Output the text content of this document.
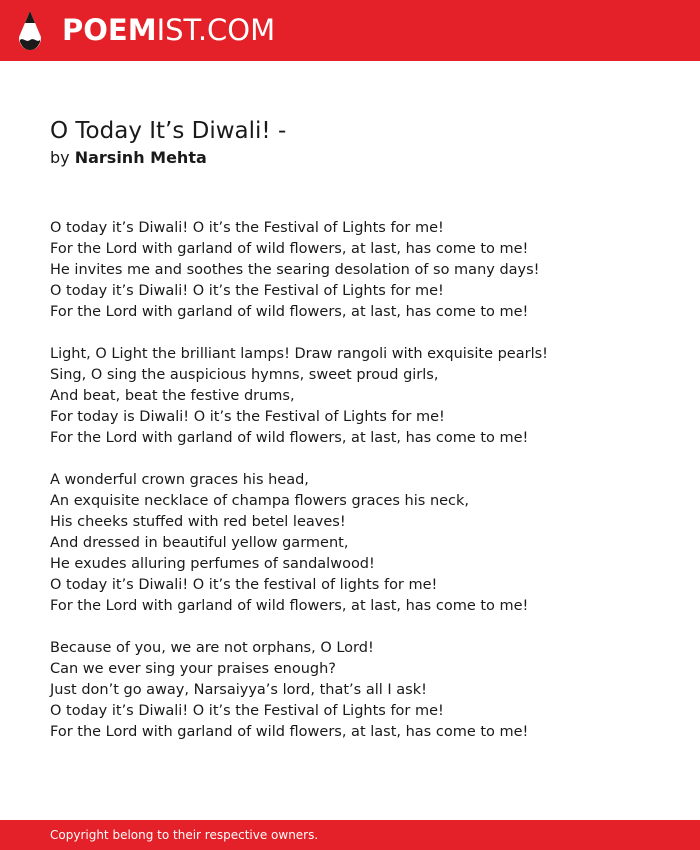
POEMIST.COM
O Today It’s Diwali! -
by Narsinh Mehta
O today it’s Diwali! O it’s the Festival of Lights for me!
For the Lord with garland of wild flowers, at last, has come to me!
He invites me and soothes the searing desolation of so many days!
O today it’s Diwali! O it’s the Festival of Lights for me!
For the Lord with garland of wild flowers, at last, has come to me!
Light, O Light the brilliant lamps! Draw rangoli with exquisite pearls!
Sing, O sing the auspicious hymns, sweet proud girls,
And beat, beat the festive drums,
For today is Diwali! O it’s the Festival of Lights for me!
For the Lord with garland of wild flowers, at last, has come to me!
A wonderful crown graces his head,
An exquisite necklace of champa flowers graces his neck,
His cheeks stuffed with red betel leaves!
And dressed in beautiful yellow garment,
He exudes alluring perfumes of sandalwood!
O today it’s Diwali! O it’s the festival of lights for me!
For the Lord with garland of wild flowers, at last, has come to me!
Because of you, we are not orphans, O Lord!
Can we ever sing your praises enough?
Just don’t go away, Narsaiyya’s lord, that’s all I ask!
O today it’s Diwali! O it’s the Festival of Lights for me!
For the Lord with garland of wild flowers, at last, has come to me!
Copyright belong to their respective owners.
